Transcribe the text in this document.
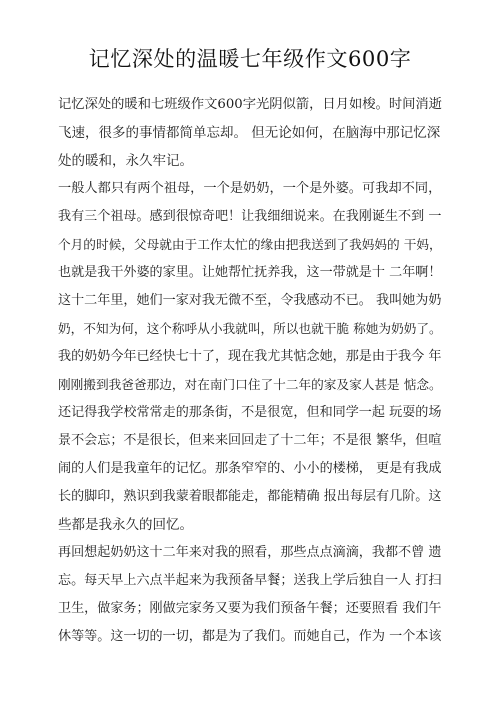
记忆深处的温暖七年级作文600字
记忆深处的暖和七班级作文600字光阴似箭，日月如梭。时间消逝
飞速，很多的事情都简单忘却。 但无论如何，在脑海中那记忆深
处的暖和，永久牢记。
一般人都只有两个祖母，一个是奶奶，一个是外婆。可我却不同，
我有三个祖母。感到很惊奇吧！让我细细说来。在我刚诞生不到 一
个月的时候，父母就由于工作太忙的缘由把我送到了我妈妈的 干妈，
也就是我干外婆的家里。让她帮忙抚养我，这一带就是十 二年啊！
这十二年里，她们一家对我无微不至，令我感动不已。 我叫她为奶
奶，不知为何，这个称呼从小我就叫，所以也就干脆 称她为奶奶了。
我的奶奶今年已经快七十了，现在我尤其惦念她，那是由于我今 年
刚刚搬到我爸爸那边，对在南门口住了十二年的家及家人甚是 惦念。
还记得我学校常常走的那条街，不是很宽，但和同学一起 玩耍的场
景不会忘；不是很长，但来来回回走了十二年；不是很 繁华，但喧
闹的人们是我童年的记忆。那条窄窄的、小小的楼梯， 更是有我成
长的脚印，熟识到我蒙着眼都能走，都能精确 报出每层有几阶。这
些都是我永久的回忆。
再回想起奶奶这十二年来对我的照看，那些点点滴滴，我都不曾 遗
忘。每天早上六点半起来为我预备早餐；送我上学后独自一人 打扫
卫生，做家务；刚做完家务又要为我们预备午餐；还要照看 我们午
休等等。这一切的一切，都是为了我们。而她自己，作为 一个本该
